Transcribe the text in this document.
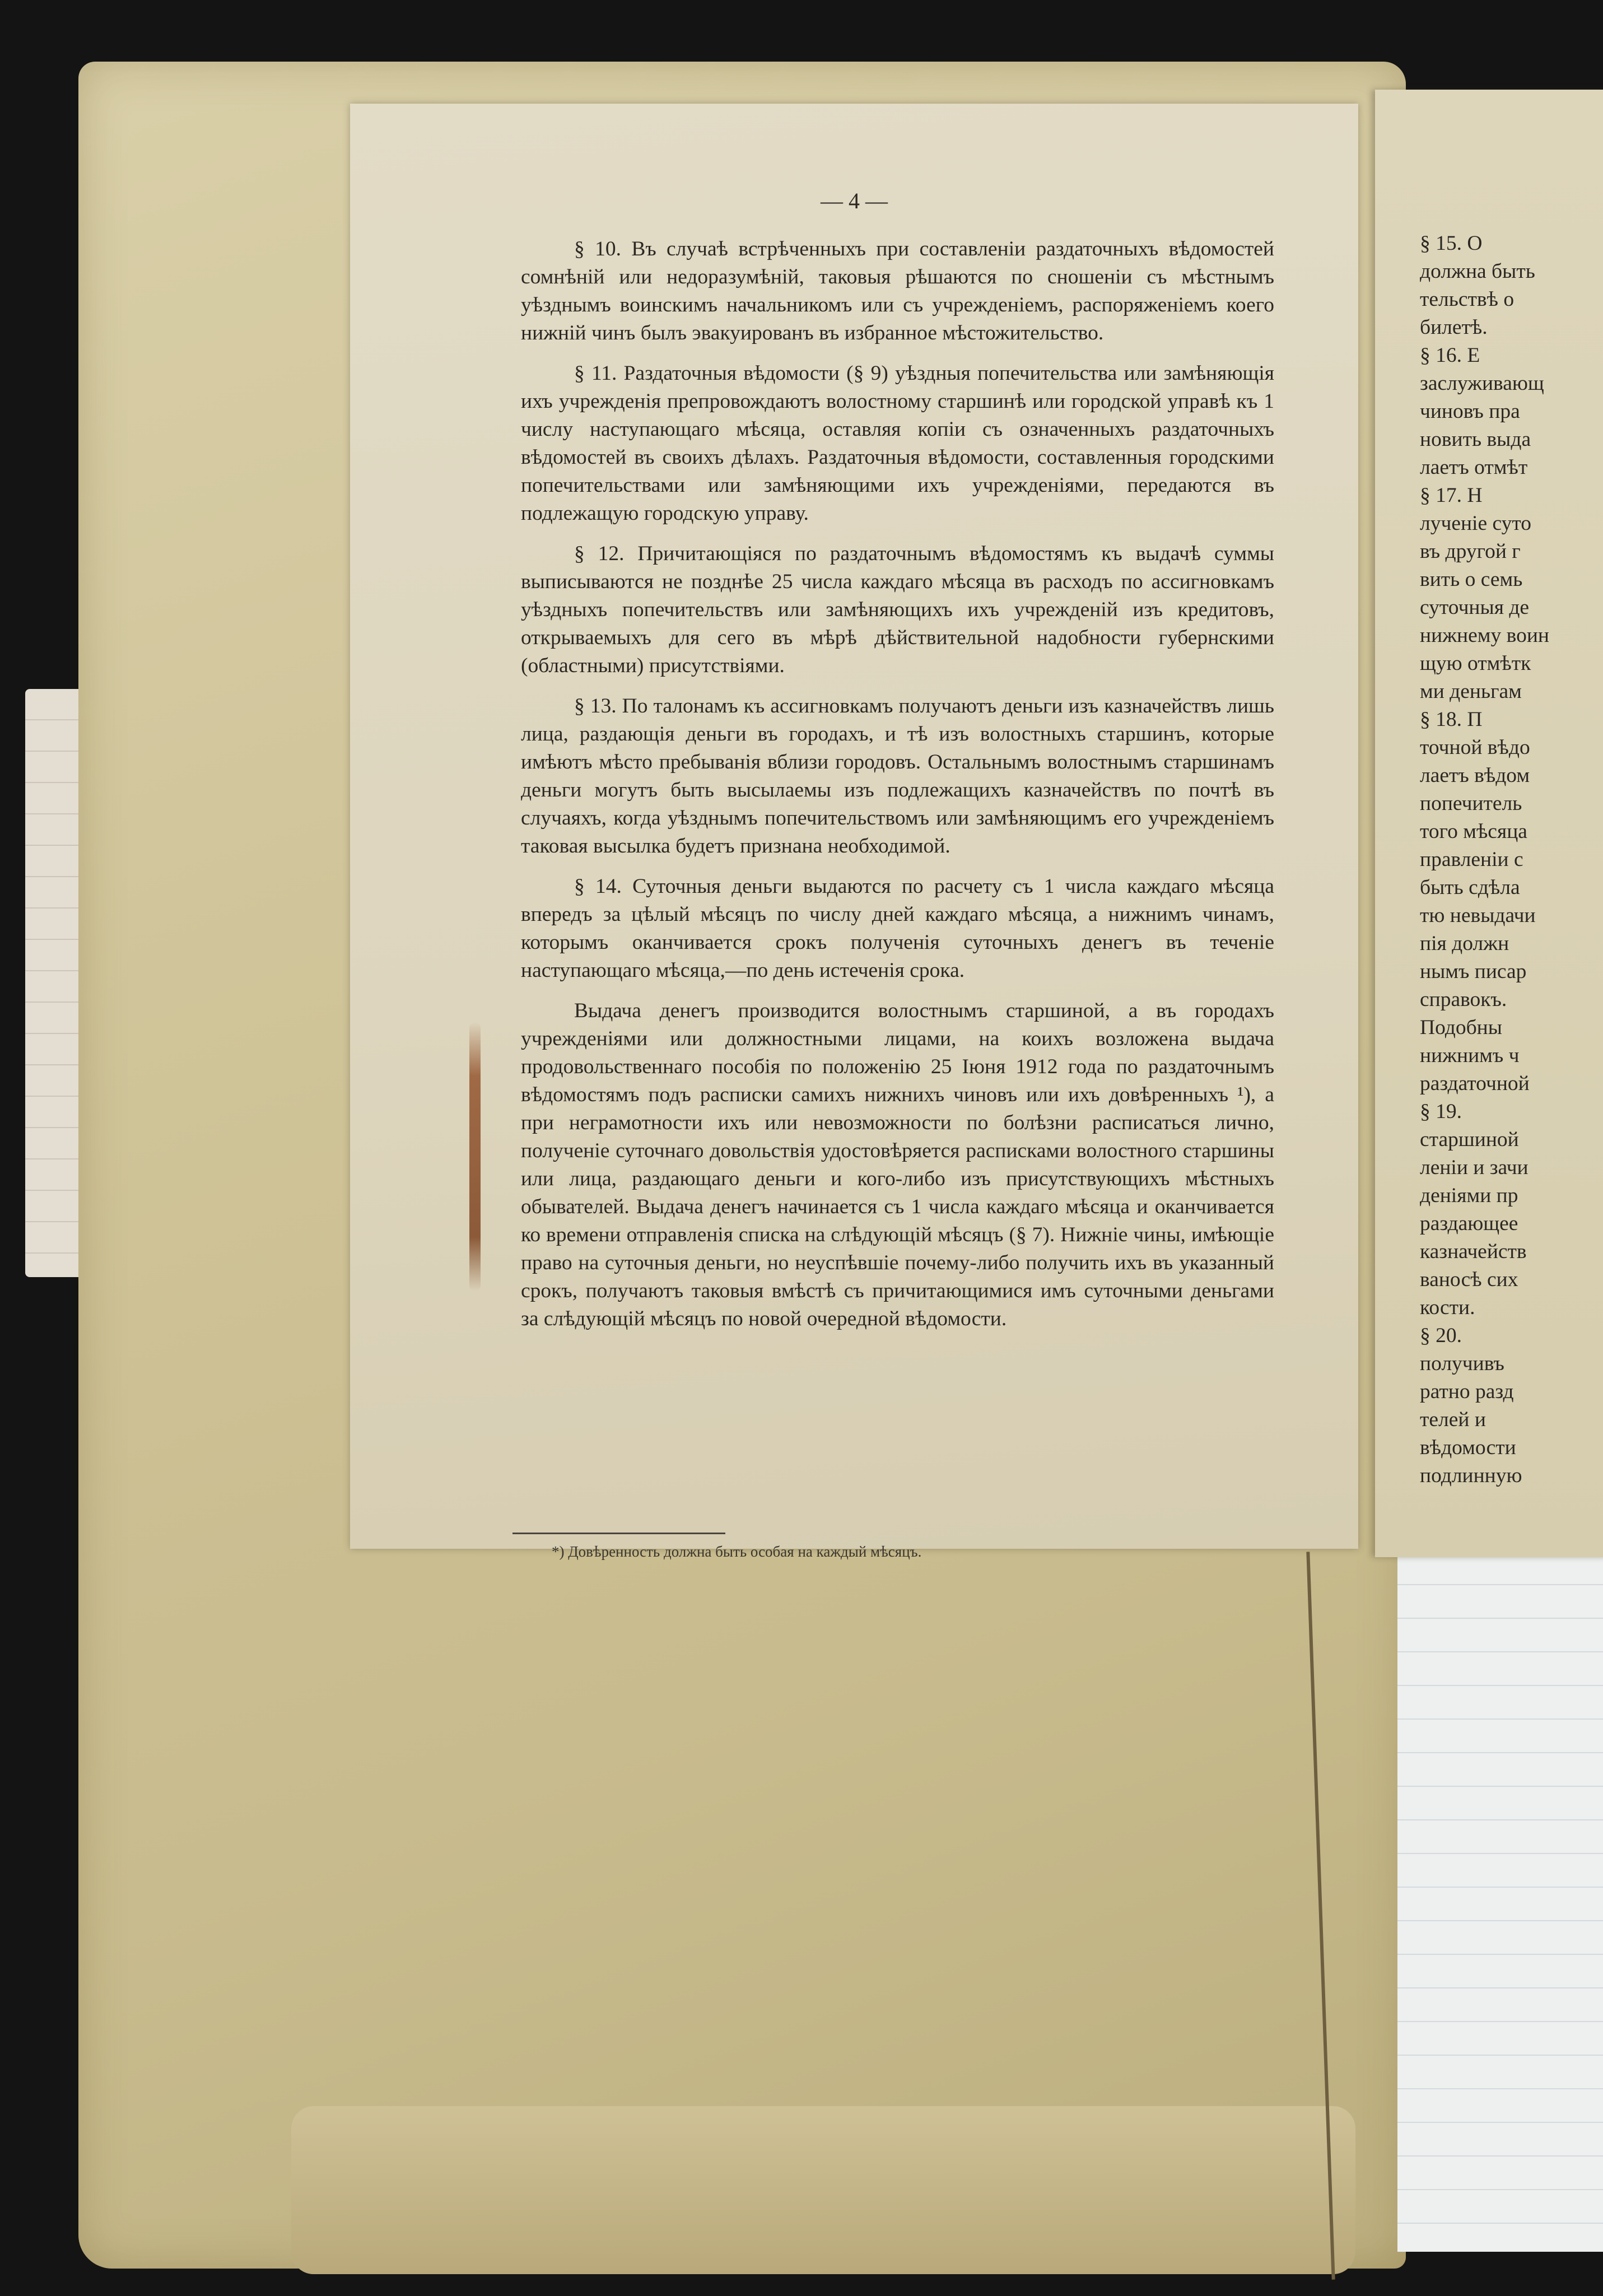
— 4 —

§ 10. Въ случаѣ встрѣченныхъ при составленіи раздаточныхъ вѣдомостей сомнѣній или недоразумѣній, таковыя рѣшаются по сношеніи съ мѣстнымъ уѣзднымъ воинскимъ начальникомъ или съ учрежденіемъ, распоряженіемъ коего нижній чинъ былъ эвакуированъ въ избранное мѣстожительство.

§ 11. Раздаточныя вѣдомости (§ 9) уѣздныя попечительства или замѣняющія ихъ учрежденія препровождаютъ волостному старшинѣ или городской управѣ къ 1 числу наступающаго мѣсяца, оставляя копіи съ означенныхъ раздаточныхъ вѣдомостей въ своихъ дѣлахъ. Раздаточныя вѣдомости, составленныя городскими попечительствами или замѣняющими ихъ учрежденіями, передаются въ подлежащую городскую управу.

§ 12. Причитающіяся по раздаточнымъ вѣдомостямъ къ выдачѣ суммы выписываются не позднѣе 25 числа каждаго мѣсяца въ расходъ по ассигновкамъ уѣздныхъ попечительствъ или замѣняющихъ ихъ учрежденій изъ кредитовъ, открываемыхъ для сего въ мѣрѣ дѣйствительной надобности губернскими (областными) присутствіями.

§ 13. По талонамъ къ ассигновкамъ получаютъ деньги изъ казначействъ лишь лица, раздающія деньги въ городахъ, и тѣ изъ волостныхъ старшинъ, которые имѣютъ мѣсто пребыванія вблизи городовъ. Остальнымъ волостнымъ старшинамъ деньги могутъ быть высылаемы изъ подлежащихъ казначействъ по почтѣ въ случаяхъ, когда уѣзднымъ попечительствомъ или замѣняющимъ его учрежденіемъ таковая высылка будетъ признана необходимой.

§ 14. Суточныя деньги выдаются по расчету съ 1 числа каждаго мѣсяца впередъ за цѣлый мѣсяцъ по числу дней каждаго мѣсяца, а нижнимъ чинамъ, которымъ оканчивается срокъ полученія суточныхъ денегъ въ теченіе наступающаго мѣсяца,—по день истеченія срока.

Выдача денегъ производится волостнымъ старшиной, а въ городахъ учрежденіями или должностными лицами, на коихъ возложена выдача продовольственнаго пособія по положенію 25 Іюня 1912 года по раздаточнымъ вѣдомостямъ подъ расписки самихъ нижнихъ чиновъ или ихъ довѣренныхъ ¹), а при неграмотности ихъ или невозможности по болѣзни расписаться лично, полученіе суточнаго довольствія удостовѣряется расписками волостного старшины или лица, раздающаго деньги и кого-либо изъ присутствующихъ мѣстныхъ обывателей. Выдача денегъ начинается съ 1 числа каждаго мѣсяца и оканчивается ко времени отправленія списка на слѣдующій мѣсяцъ (§ 7). Нижніе чины, имѣющіе право на суточныя деньги, но неуспѣвшіе почему-либо получить ихъ въ указанный срокъ, получаютъ таковыя вмѣстѣ съ причитающимися имъ суточными деньгами за слѣдующій мѣсяцъ по новой очередной вѣдомости.

*) Довѣренность должна быть особая на каждый мѣсяцъ.
§ 15. О
должна быть
тельствѣ о
билетѣ.
§ 16. Е
заслуживающ
чиновъ пра
новить выда
лаетъ отмѣт
§ 17. Н
лученіе суто
въ другой г
вить о семь
суточныя де
нижнему воин
щую отмѣтк
ми деньгам
§ 18. П
точной вѣдо
лаетъ вѣдом
попечитель
того мѣсяца
правленіи с
быть сдѣла
тю невыдачи
пія должн
нымъ писар
справокъ.
Подобны
нижнимъ ч
раздаточной
§ 19.
старшиной
леніи и зачи
деніями пр
раздающее
казначейств
ваносѣ сих
кости.
§ 20.
получивъ
ратно разд
телей и
вѣдомости
подлинную
